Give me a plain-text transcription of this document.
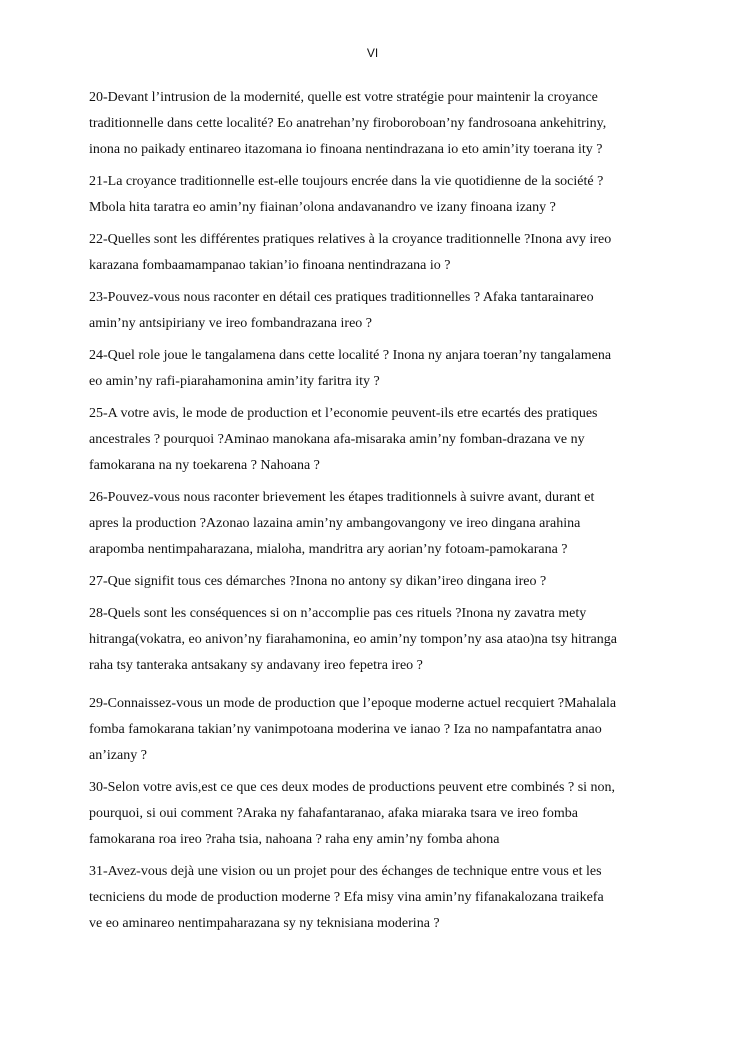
VI
20-Devant l’intrusion de la modernité, quelle est votre stratégie pour maintenir la croyance
traditionnelle dans cette localité? Eo anatrehan’ny firoboroboan’ny fandrosoana ankehitriny,
inona no paikady entinareo itazomana io finoana nentindrazana io eto amin’ity toerana ity ?
21-La croyance traditionnelle est-elle toujours encrée dans la vie quotidienne de la société ?
Mbola hita taratra eo amin’ny fiainan’olona andavanandro ve izany finoana izany ?
22-Quelles sont les différentes pratiques relatives à la croyance traditionnelle ?Inona avy ireo
karazana fombaamampanao takian’io finoana nentindrazana io ?
23-Pouvez-vous nous raconter en détail ces pratiques traditionnelles ? Afaka tantarainareo
amin’ny antsipiriany ve ireo fombandrazana ireo ?
24-Quel role joue le tangalamena dans cette localité ? Inona ny anjara toeran’ny tangalamena
eo amin’ny rafi-piarahamonina amin’ity faritra ity ?
25-A votre avis, le mode de production et l’economie peuvent-ils etre ecartés des pratiques
ancestrales ? pourquoi ?Aminao manokana afa-misaraka amin’ny fomban-drazana ve ny
famokarana na ny toekarena ? Nahoana ?
26-Pouvez-vous nous raconter brievement les étapes traditionnels à suivre avant, durant et
apres la production ?Azonao lazaina amin’ny ambangovangony ve ireo dingana arahina
arapomba nentimpaharazana, mialoha, mandritra ary aorian’ny fotoam-pamokarana ?
27-Que signifit tous ces démarches ?Inona no antony sy dikan’ireo dingana ireo ?
28-Quels sont les conséquences si on n’accomplie pas ces rituels ?Inona ny zavatra mety
hitranga(vokatra, eo anivon’ny fiarahamonina, eo amin’ny tompon’ny asa atao)na tsy hitranga
raha tsy tanteraka antsakany sy andavany ireo fepetra ireo ?
29-Connaissez-vous un mode de production que l’epoque moderne actuel recquiert ?Mahalala
fomba famokarana takian’ny vanimpotoana moderina ve ianao ? Iza no nampafantatra anao
an’izany ?
30-Selon votre avis,est ce que ces deux modes de productions peuvent etre combinés ? si non,
pourquoi, si oui comment ?Araka ny fahafantaranao, afaka miaraka tsara ve ireo fomba
famokarana roa ireo ?raha tsia, nahoana ? raha eny amin’ny fomba ahona
31-Avez-vous dejà une vision ou un projet pour des échanges de technique entre vous et les
tecniciens du mode de production moderne ? Efa misy vina amin’ny fifanakalozana traikefa
ve eo aminareo nentimpaharazana sy ny teknisiana moderina ?
